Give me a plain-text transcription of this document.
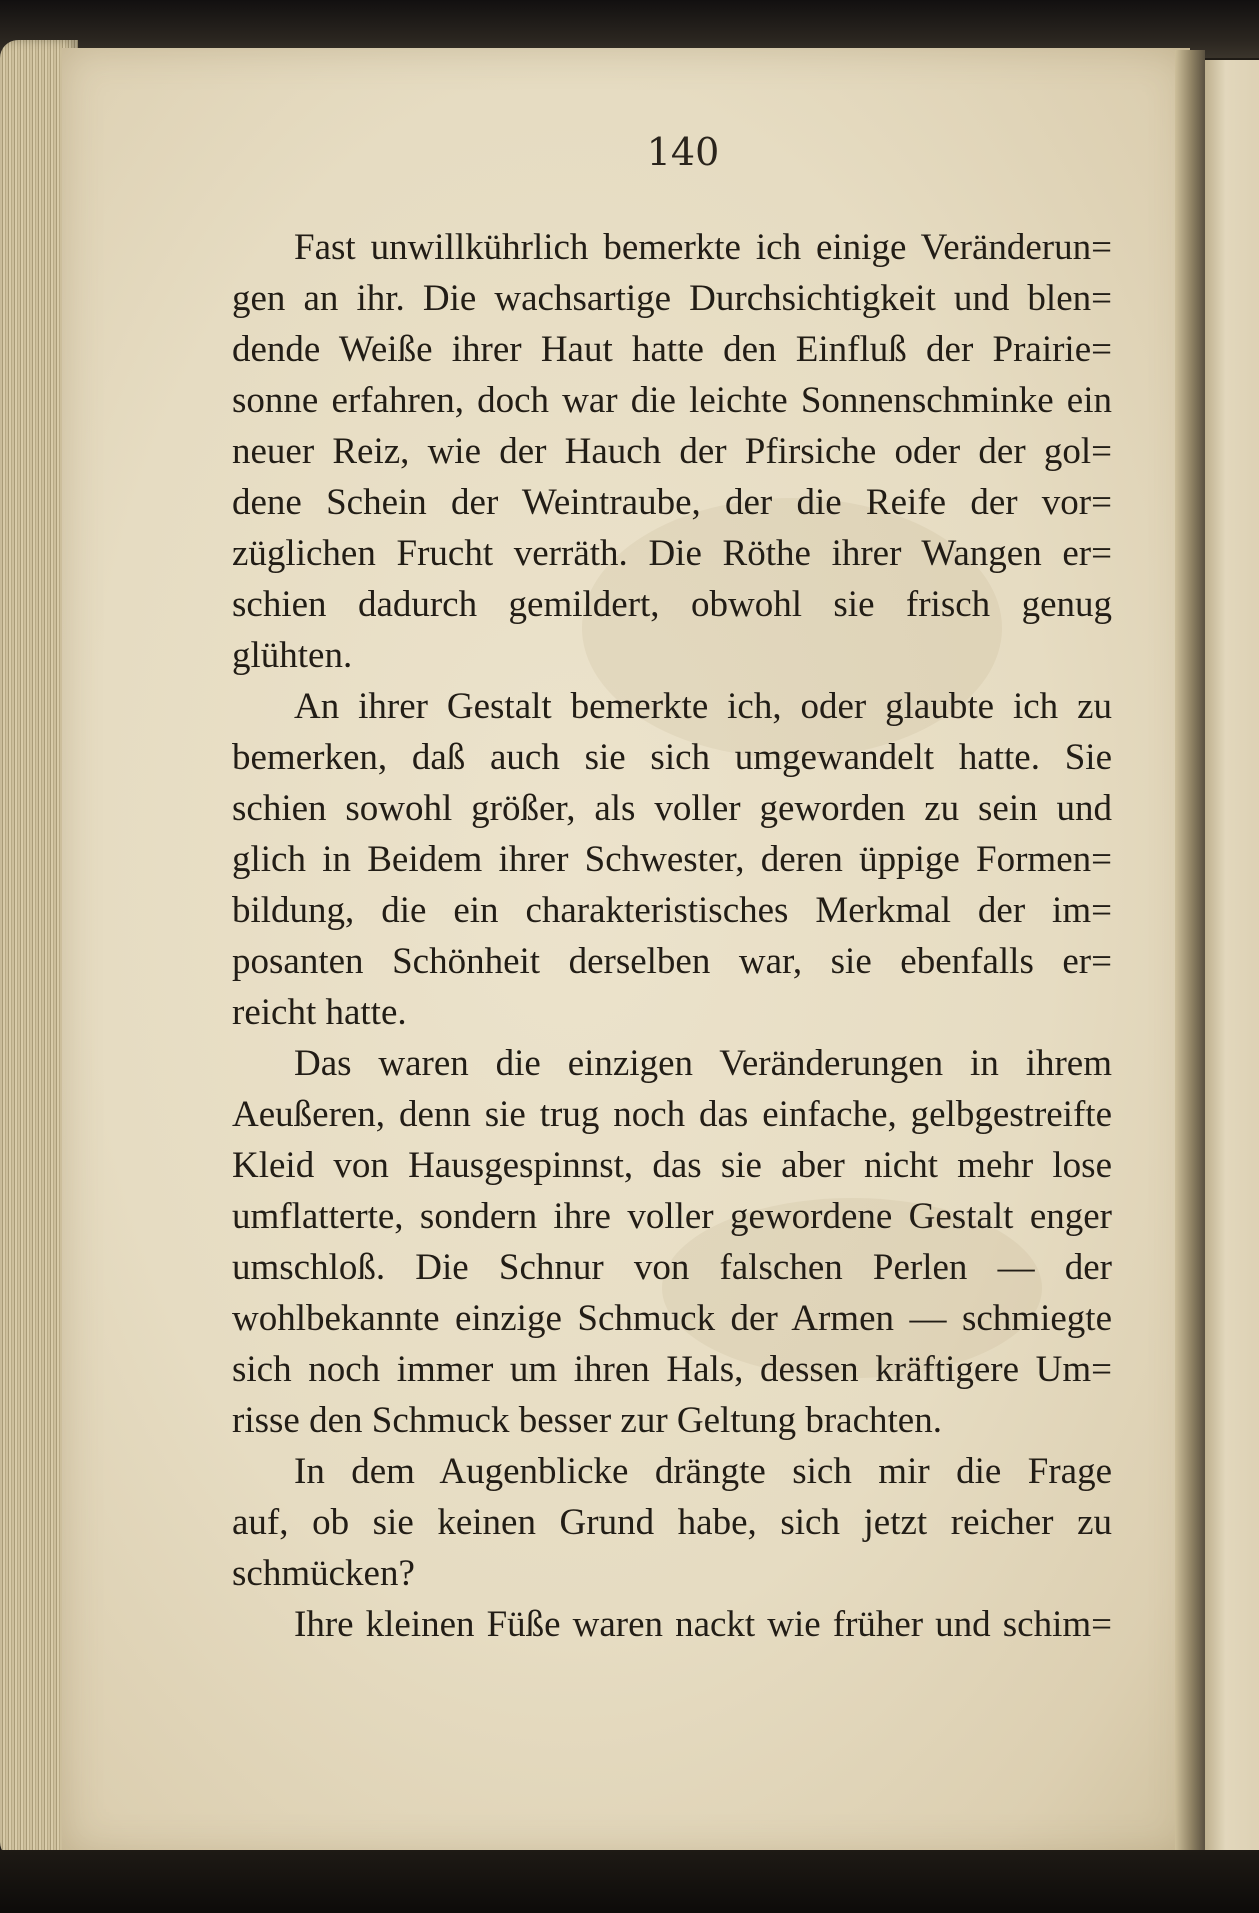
140
Fast unwillkührlich bemerkte ich einige Veränderun=
gen an ihr. Die wachsartige Durchsichtigkeit und blen=
dende Weiße ihrer Haut hatte den Einfluß der Prairie=
sonne erfahren, doch war die leichte Sonnenschminke ein
neuer Reiz, wie der Hauch der Pfirsiche oder der gol=
dene Schein der Weintraube, der die Reife der vor=
züglichen Frucht verräth. Die Röthe ihrer Wangen er=
schien dadurch gemildert, obwohl sie frisch genug
glühten.
An ihrer Gestalt bemerkte ich, oder glaubte ich zu
bemerken, daß auch sie sich umgewandelt hatte. Sie
schien sowohl größer, als voller geworden zu sein und
glich in Beidem ihrer Schwester, deren üppige Formen=
bildung, die ein charakteristisches Merkmal der im=
posanten Schönheit derselben war, sie ebenfalls er=
reicht hatte.
Das waren die einzigen Veränderungen in ihrem
Aeußeren, denn sie trug noch das einfache, gelbgestreifte
Kleid von Hausgespinnst, das sie aber nicht mehr lose
umflatterte, sondern ihre voller gewordene Gestalt enger
umschloß. Die Schnur von falschen Perlen — der
wohlbekannte einzige Schmuck der Armen — schmiegte
sich noch immer um ihren Hals, dessen kräftigere Um=
risse den Schmuck besser zur Geltung brachten.
In dem Augenblicke drängte sich mir die Frage
auf, ob sie keinen Grund habe, sich jetzt reicher zu
schmücken?
Ihre kleinen Füße waren nackt wie früher und schim=
